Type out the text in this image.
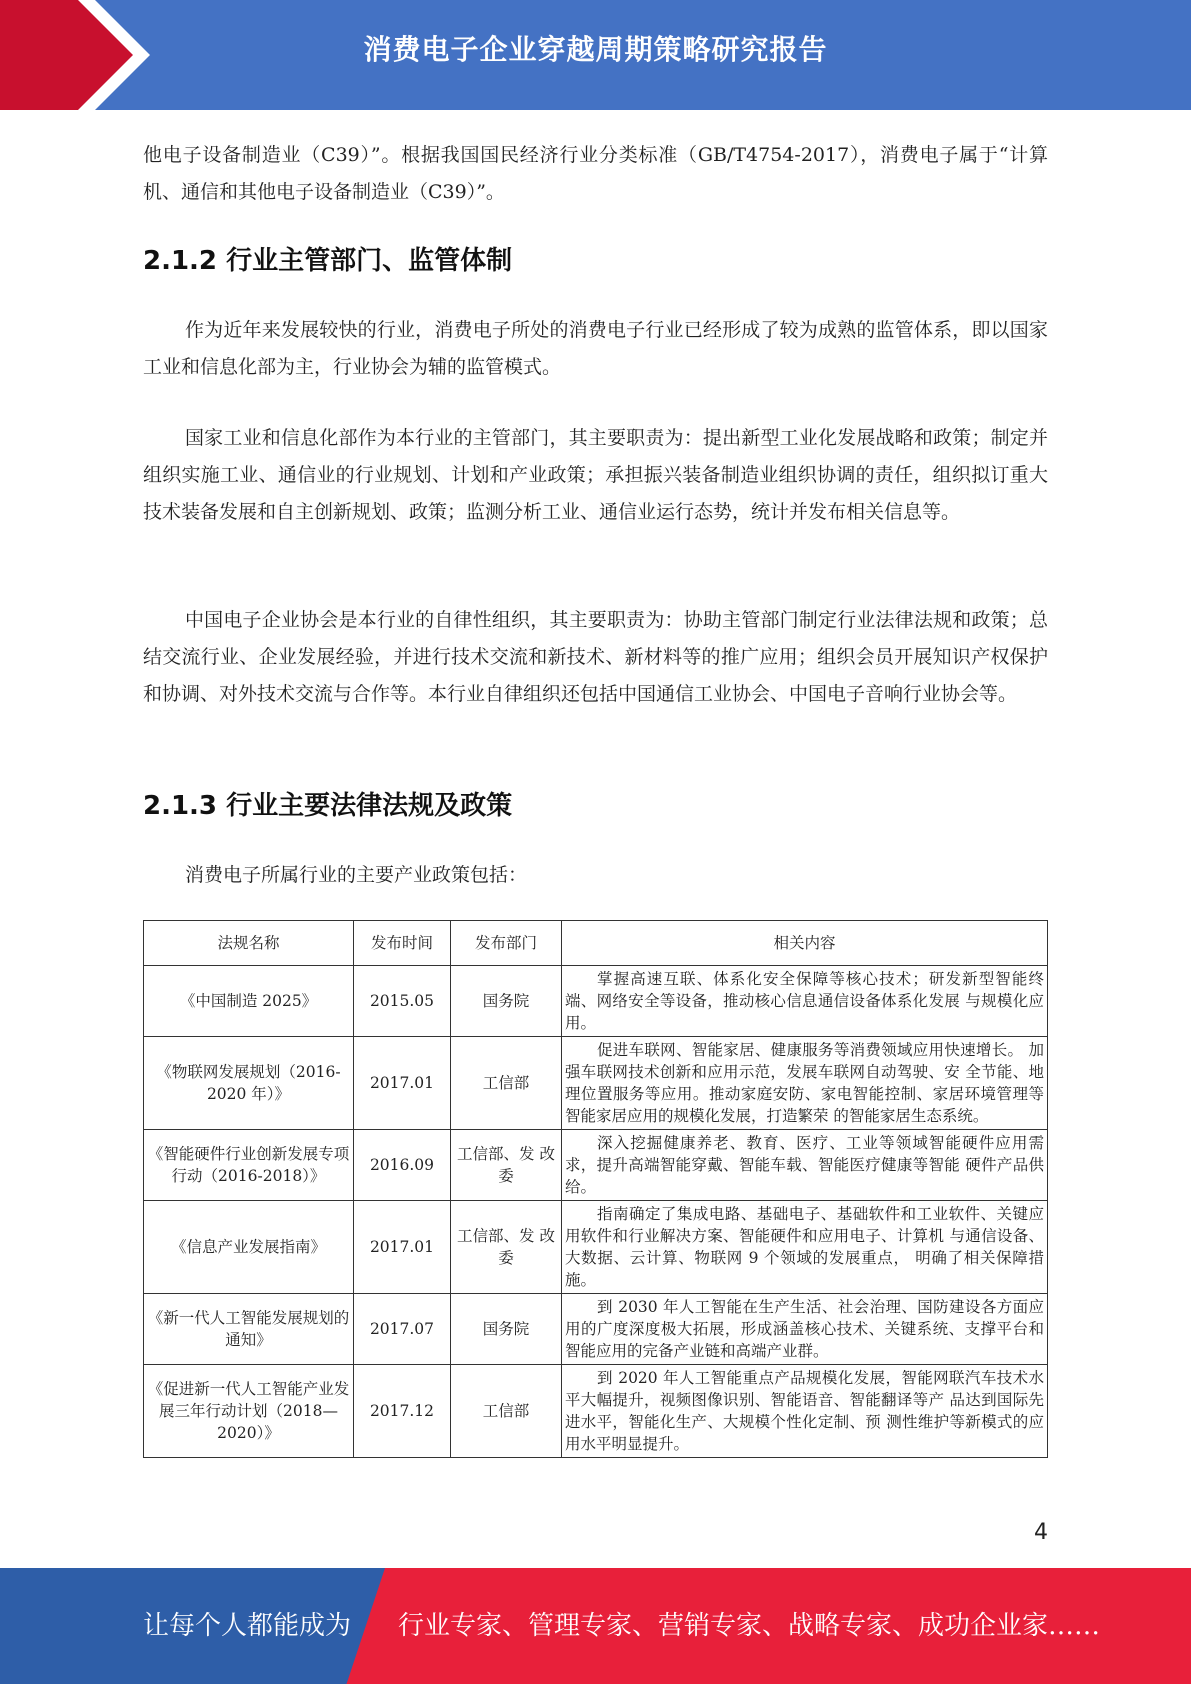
消费电子企业穿越周期策略研究报告

他电子设备制造业（C39）”。根据我国国民经济行业分类标准（GB/T4754-2017），消费电子属于“计算机、通信和其他电子设备制造业（C39）”。

2.1.2 行业主管部门、监管体制

作为近年来发展较快的行业，消费电子所处的消费电子行业已经形成了较为成熟的监管体系，即以国家工业和信息化部为主，行业协会为辅的监管模式。

国家工业和信息化部作为本行业的主管部门，其主要职责为：提出新型工业化发展战略和政策；制定并组织实施工业、通信业的行业规划、计划和产业政策；承担振兴装备制造业组织协调的责任，组织拟订重大技术装备发展和自主创新规划、政策；监测分析工业、通信业运行态势，统计并发布相关信息等。

中国电子企业协会是本行业的自律性组织，其主要职责为：协助主管部门制定行业法律法规和政策；总结交流行业、企业发展经验，并进行技术交流和新技术、新材料等的推广应用；组织会员开展知识产权保护和协调、对外技术交流与合作等。本行业自律组织还包括中国通信工业协会、中国电子音响行业协会等。

2.1.3 行业主要法律法规及政策

消费电子所属行业的主要产业政策包括：

法规名称	发布时间	发布部门	相关内容
《中国制造 2025》	2015.05	国务院	掌握高速互联、体系化安全保障等核心技术；研发新型智能终端、网络安全等设备，推动核心信息通信设备体系化发展 与规模化应用。

《物联网发展规划（2016-2020 年）》	2017.01	工信部	促进车联网、智能家居、健康服务等消费领域应用快速增长。 加强车联网技术创新和应用示范，发展车联网自动驾驶、安 全节能、地理位置服务等应用。推动家庭安防、家电智能控制、家居环境管理等智能家居应用的规模化发展，打造繁荣 的智能家居生态系统。

《智能硬件行业创新发展专项行动（2016-2018）》	2016.09	工信部、发 改委	深入挖掘健康养老、教育、医疗、工业等领域智能硬件应用需求，提升高端智能穿戴、智能车载、智能医疗健康等智能 硬件产品供给。

《信息产业发展指南》	2017.01	工信部、发 改委	指南确定了集成电路、基础电子、基础软件和工业软件、关键应用软件和行业解决方案、智能硬件和应用电子、计算机 与通信设备、大数据、云计算、物联网 9 个领域的发展重点， 明确了相关保障措施。

《新一代人工智能发展规划的通知》	2017.07	国务院	到 2030 年人工智能在生产生活、社会治理、国防建设各方面应用的广度深度极大拓展，形成涵盖核心技术、关键系统、支撑平台和智能应用的完备产业链和高端产业群。

《促进新一代人工智能产业发展三年行动计划（2018—2020）》	2017.12	工信部	到 2020 年人工智能重点产品规模化发展，智能网联汽车技术水平大幅提升，视频图像识别、智能语音、智能翻译等产 品达到国际先进水平，智能化生产、大规模个性化定制、预 测性维护等新模式的应用水平明显提升。
4
让每个人都能成为 行业专家、管理专家、营销专家、战略专家、成功企业家……
